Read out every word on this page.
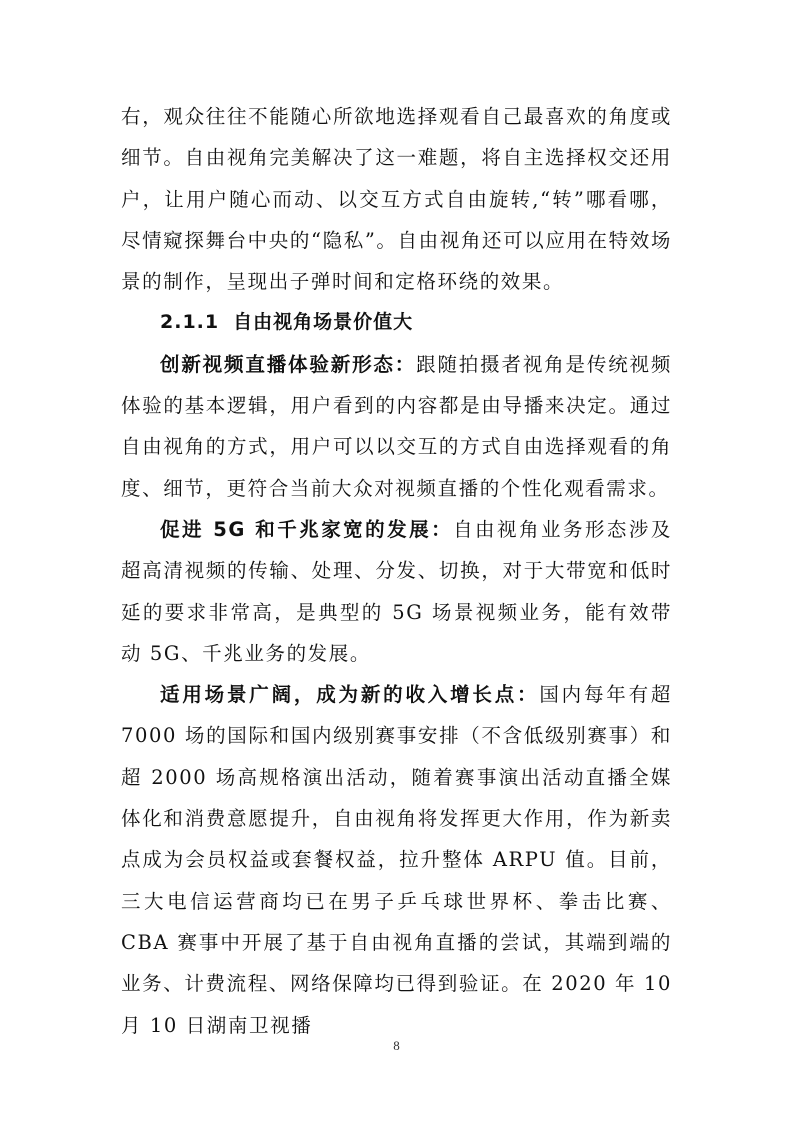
右，观众往往不能随心所欲地选择观看自己最喜欢的角度或细节。自由视角完美解决了这一难题，将自主选择权交还用户，让用户随心而动、以交互方式自由旋转,“转”哪看哪，尽情窥探舞台中央的“隐私”。自由视角还可以应用在特效场景的制作，呈现出子弹时间和定格环绕的效果。

2.1.1 自由视角场景价值大

创新视频直播体验新形态：跟随拍摄者视角是传统视频体验的基本逻辑，用户看到的内容都是由导播来决定。通过自由视角的方式，用户可以以交互的方式自由选择观看的角度、细节，更符合当前大众对视频直播的个性化观看需求。

促进 5G 和千兆家宽的发展：自由视角业务形态涉及超高清视频的传输、处理、分发、切换，对于大带宽和低时延的要求非常高，是典型的 5G 场景视频业务，能有效带动 5G、千兆业务的发展。

适用场景广阔，成为新的收入增长点：国内每年有超 7000 场的国际和国内级别赛事安排（不含低级别赛事）和超 2000 场高规格演出活动，随着赛事演出活动直播全媒体化和消费意愿提升，自由视角将发挥更大作用，作为新卖点成为会员权益或套餐权益，拉升整体 ARPU 值。目前，三大电信运营商均已在男子乒乓球世界杯、拳击比赛、CBA 赛事中开展了基于自由视角直播的尝试，其端到端的业务、计费流程、网络保障均已得到验证。在 2020 年 10 月 10 日湖南卫视播

8
